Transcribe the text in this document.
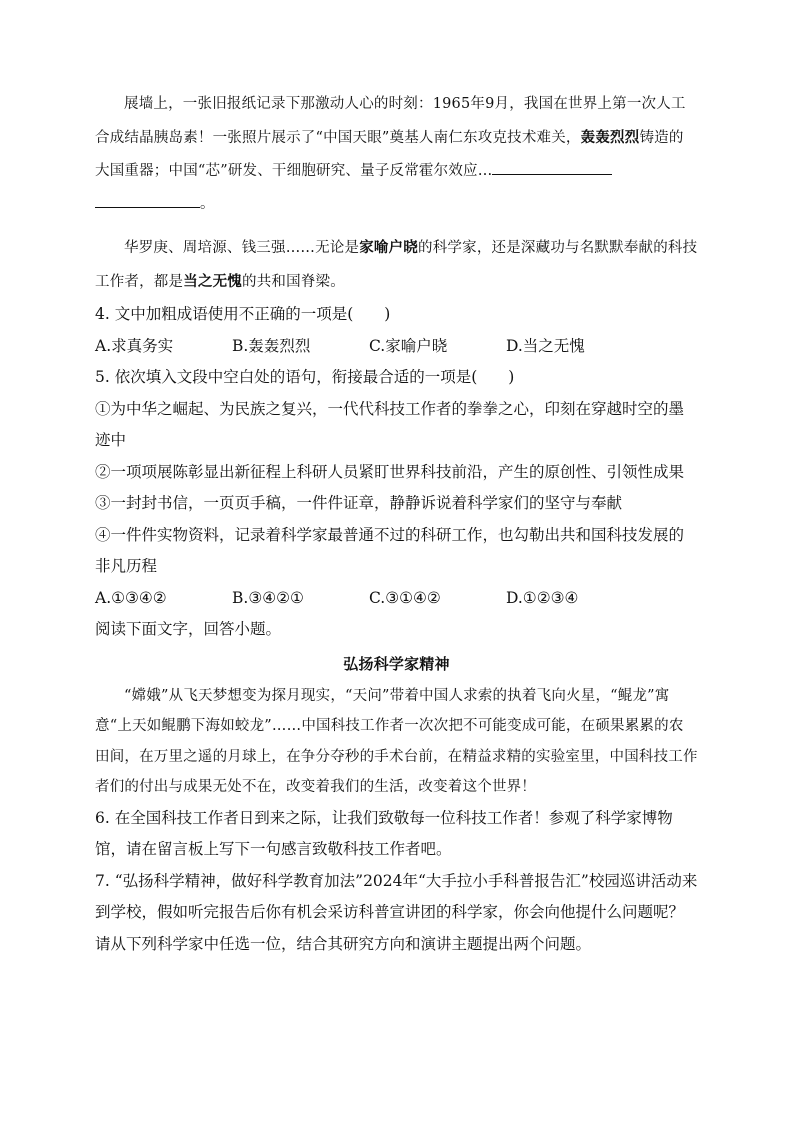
展墙上，一张旧报纸记录下那激动人心的时刻：1965年9月，我国在世界上第一次人工合成结晶胰岛素！一张照片展示了“中国天眼”奠基人南仁东攻克技术难关，轰轰烈烈铸造的大国重器；中国“芯”研发、干细胞研究、量子反常霍尔效应…
。

华罗庚、周培源、钱三强……无论是家喻户晓的科学家，还是深藏功与名默默奉献的科技工作者，都是当之无愧的共和国脊梁。

4. 文中加粗成语使用不正确的一项是(　　)

A.求真务实	B.轰轰烈烈	C.家喻户晓	D.当之无愧

5. 依次填入文段中空白处的语句，衔接最合适的一项是(　　)

①为中华之崛起、为民族之复兴，一代代科技工作者的拳拳之心，印刻在穿越时空的墨迹中

②一项项展陈彰显出新征程上科研人员紧盯世界科技前沿，产生的原创性、引领性成果

③一封封书信，一页页手稿，一件件证章，静静诉说着科学家们的坚守与奉献

④一件件实物资料，记录着科学家最普通不过的科研工作，也勾勒出共和国科技发展的非凡历程

A.①③④②	B.③④②①	C.③①④②	D.①②③④

阅读下面文字，回答小题。

弘扬科学家精神

“嫦娥”从飞天梦想变为探月现实，“天问”带着中国人求索的执着飞向火星，“鲲龙”寓意“上天如鲲鹏下海如蛟龙”……中国科技工作者一次次把不可能变成可能，在硕果累累的农田间，在万里之遥的月球上，在争分夺秒的手术台前，在精益求精的实验室里，中国科技工作者们的付出与成果无处不在，改变着我们的生活，改变着这个世界！

6. 在全国科技工作者日到来之际，让我们致敬每一位科技工作者！参观了科学家博物馆，请在留言板上写下一句感言致敬科技工作者吧。

7. “弘扬科学精神，做好科学教育加法”2024年“大手拉小手科普报告汇”校园巡讲活动来到学校，假如听完报告后你有机会采访科普宣讲团的科学家，你会向他提什么问题呢？请从下列科学家中任选一位，结合其研究方向和演讲主题提出两个问题。
